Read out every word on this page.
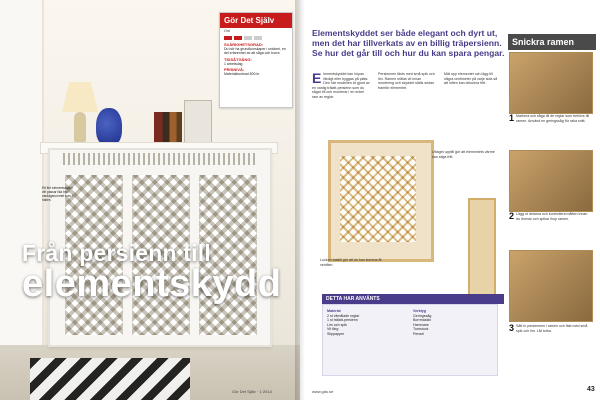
Gör Det Själv
Ord
SVÅRIGHETSGRAD:
Du bör ha grundkunskaper i snickeri, en del erfarenhet av att såga och borra.
TIDSÅTGÅNG:
1 arbetsdag
PRISNIVÅ:
Materialkostnad 800 kr
Ett fint elementskydd i vitt passar lika bra i vardagsrummet som i hallen.
Från persienn till
elementskydd
Gör Det Själv · 1·2014
Elementskyddet ser både elegant och dyrt ut, men det har tillverkats av en billig träpersienn. Se hur det går till och hur du kan spara pengar.
E lementskyddet kan köpas färdigt eller byggas på plats. Den här modellen är gjord av en vanlig trälatt-persienn som du sågar till och monterar i en enkel ram av reglar.
Persiennen fästs med små spik och lim. Ramen målas vit innan montering och skyddet ställs sedan framför elementet.
Mät upp elementet och lägg till några centimeter på varje sida så att luften kan cirkulera fritt.
Uttaget upptill gör att elementets värme kan stiga fritt.
Luckan baktill gör att du kan komma åt ventilen.
DETTA HAR ANVÄNTS
Material
2 st vitmålade reglar
1 st trälatt-persienn
Lim och spik
Vit färg
Slippapper
Verktyg
Geringssåg
Borrmaskin
Hammare
Tumstock
Pensel
Snickra ramen
1 Markera och såga till de reglar som behövs till ramen. Använd en geringssåg för raka snitt.
2 Lägg ut delarna och kontrollera måtten innan du limmar och spikar ihop ramen.
3 Sätt in persiennen i ramen och fäst med små spik och lim. Låt torka.
www.gds.se	43
